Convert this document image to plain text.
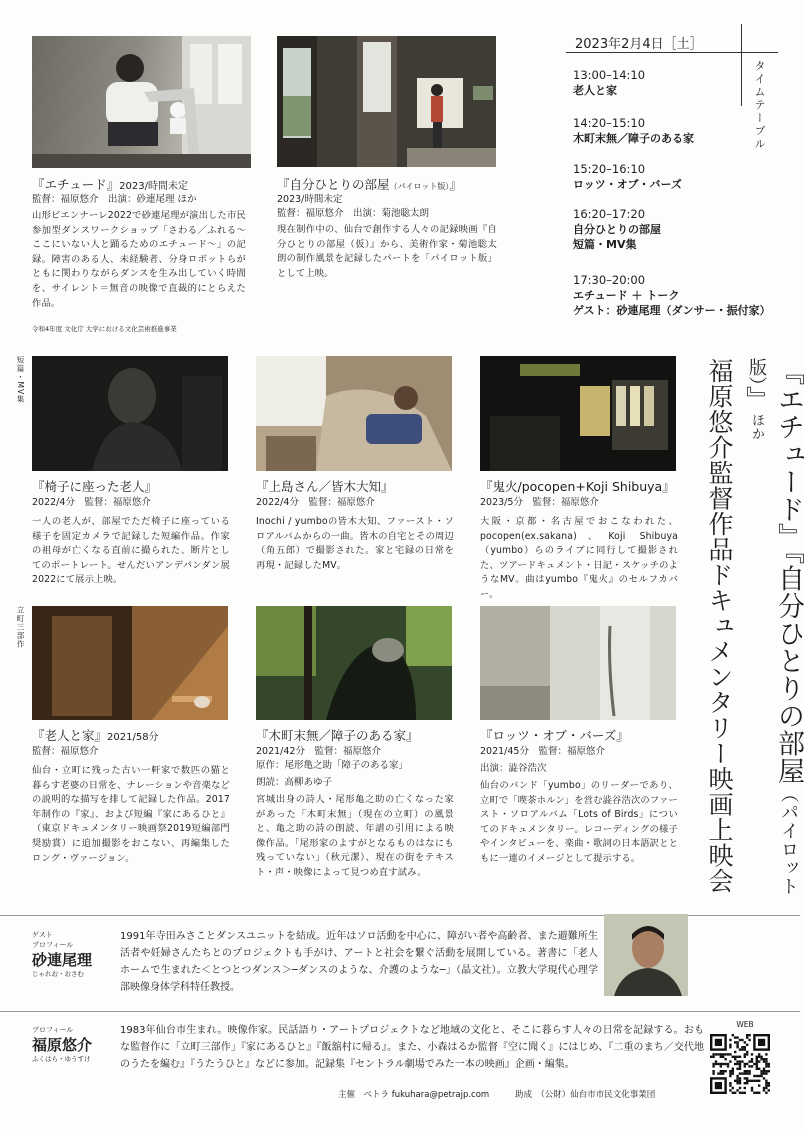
『エチュード』2023/時間未定
監督：福原悠介　出演：砂連尾理 ほか
山形ビエンナーレ2022で砂連尾理が演出した市民参加型ダンスワークショップ「さわる／ふれる〜ここにいない人と踊るためのエチュード〜」の記録。障害のある人、未経験者、分身ロボットらがともに関わりながらダンスを生み出していく時間を、サイレント＝無音の映像で直裁的にとらえた作品。
令和4年度 文化庁 大学における文化芸術推進事業
『自分ひとりの部屋（パイロット版）』
2023/時間未定
監督：福原悠介　出演：菊池聡太朗
現在制作中の、仙台で創作する人々の記録映画『自分ひとりの部屋（仮）』から、美術作家・菊池聡太朗の制作風景を記録したパートを「パイロット版」として上映。
2023年2月4日［土］
タイムテーブル
13:00–14:10
老人と家
14:20–15:10
木町末無／障子のある家
15:20–16:10
ロッツ・オブ・バーズ
16:20–17:20
自分ひとりの部屋
短篇・MV集
17:30–20:00
エチュード ＋ トーク
ゲスト：砂連尾理（ダンサー・振付家）
『エチュード』『自分ひとりの部屋（パイロット版）』ほか
福原悠介監督作品ドキュメンタリー映画上映会
短篇・MV集
立町三部作
『椅子に座った老人』
2022/4分　監督：福原悠介
一人の老人が、部屋でただ椅子に座っている様子を固定カメラで記録した短編作品。作家の祖母が亡くなる直前に撮られた、断片としてのポートレート。せんだいアンデパンダン展2022にて展示上映。
『上島さん／皆木大知』
2022/4分　監督：福原悠介
Inochi / yumboの皆木大知、ファースト・ソロアルバムからの一曲。皆木の自宅とその周辺（角五郎）で撮影された。家と宅録の日常を再現・記録したMV。
『鬼火/pocopen+Koji Shibuya』
2023/5分　監督：福原悠介
大阪・京都・名古屋でおこなわれた、pocopen(ex.sakana)、Koji Shibuya（yumbo）らのライブに同行して撮影された、ツアードキュメント・日記・スケッチのようなMV。曲はyumbo『鬼火』のセルフカバー。
『老人と家』2021/58分
監督：福原悠介
仙台・立町に残った古い一軒家で数匹の猫と暮らす老婆の日常を、ナレーションや音楽などの説明的な描写を排して記録した作品。2017年制作の『家』、および短編『家にあるひと』（東京ドキュメンタリー映画祭2019短編部門奨励賞）に追加撮影をおこない、再編集したロング・ヴァージョン。
『木町末無／障子のある家』
2021/42分　監督：福原悠介
原作：尾形亀之助「障子のある家」
朗読：高柳あゆ子
宮城出身の詩人・尾形亀之助の亡くなった家があった「木町末無」（現在の立町）の風景と、亀之助の詩の朗読、年譜の引用による映像作品。「尾形家のよすがとなるものはなにも残っていない」（秋元潔）、現在の街をテキスト・声・映像によって見つめ直す試み。
『ロッツ・オブ・バーズ』
2021/45分　監督：福原悠介
出演：澁谷浩次
仙台のバンド「yumbo」のリーダーであり、立町で「喫茶ホルン」を営む澁谷浩次のファースト・ソロアルバム「Lots of Birds」についてのドキュメンタリー。レコーディングの様子やインタビューを、楽曲・歌詞の日本語訳とともに一連のイメージとして提示する。
ゲスト
プロフィール
砂連尾理
じゃれお・おさむ
1991年寺田みさことダンスユニットを結成。近年はソロ活動を中心に、障がい者や高齢者、また避難所生活者や妊婦さんたちとのプロジェクトも手がけ、アートと社会を繋ぐ活動を展開している。著書に「老人ホームで生まれた＜とつとつダンス＞─ダンスのような、介護のような─」（晶文社）。立教大学現代心理学部映像身体学科特任教授。
プロフィール
福原悠介
ふくはら・ゆうすけ
1983年仙台市生まれ。映像作家。民話語り・アートプロジェクトなど地域の文化と、そこに暮らす人々の日常を記録する。おもな監督作に「立町三部作」『家にあるひと』『飯舘村に帰る』。また、小森はるか監督『空に聞く』にはじめ、『二重のまち／交代地のうたを編む』『うたうひと』などに参加。記録集『セントラル劇場でみた一本の映画』企画・編集。
主催　ペトラ fukuhara@petrajp.com	助成　（公財）仙台市市民文化事業団
WEB
